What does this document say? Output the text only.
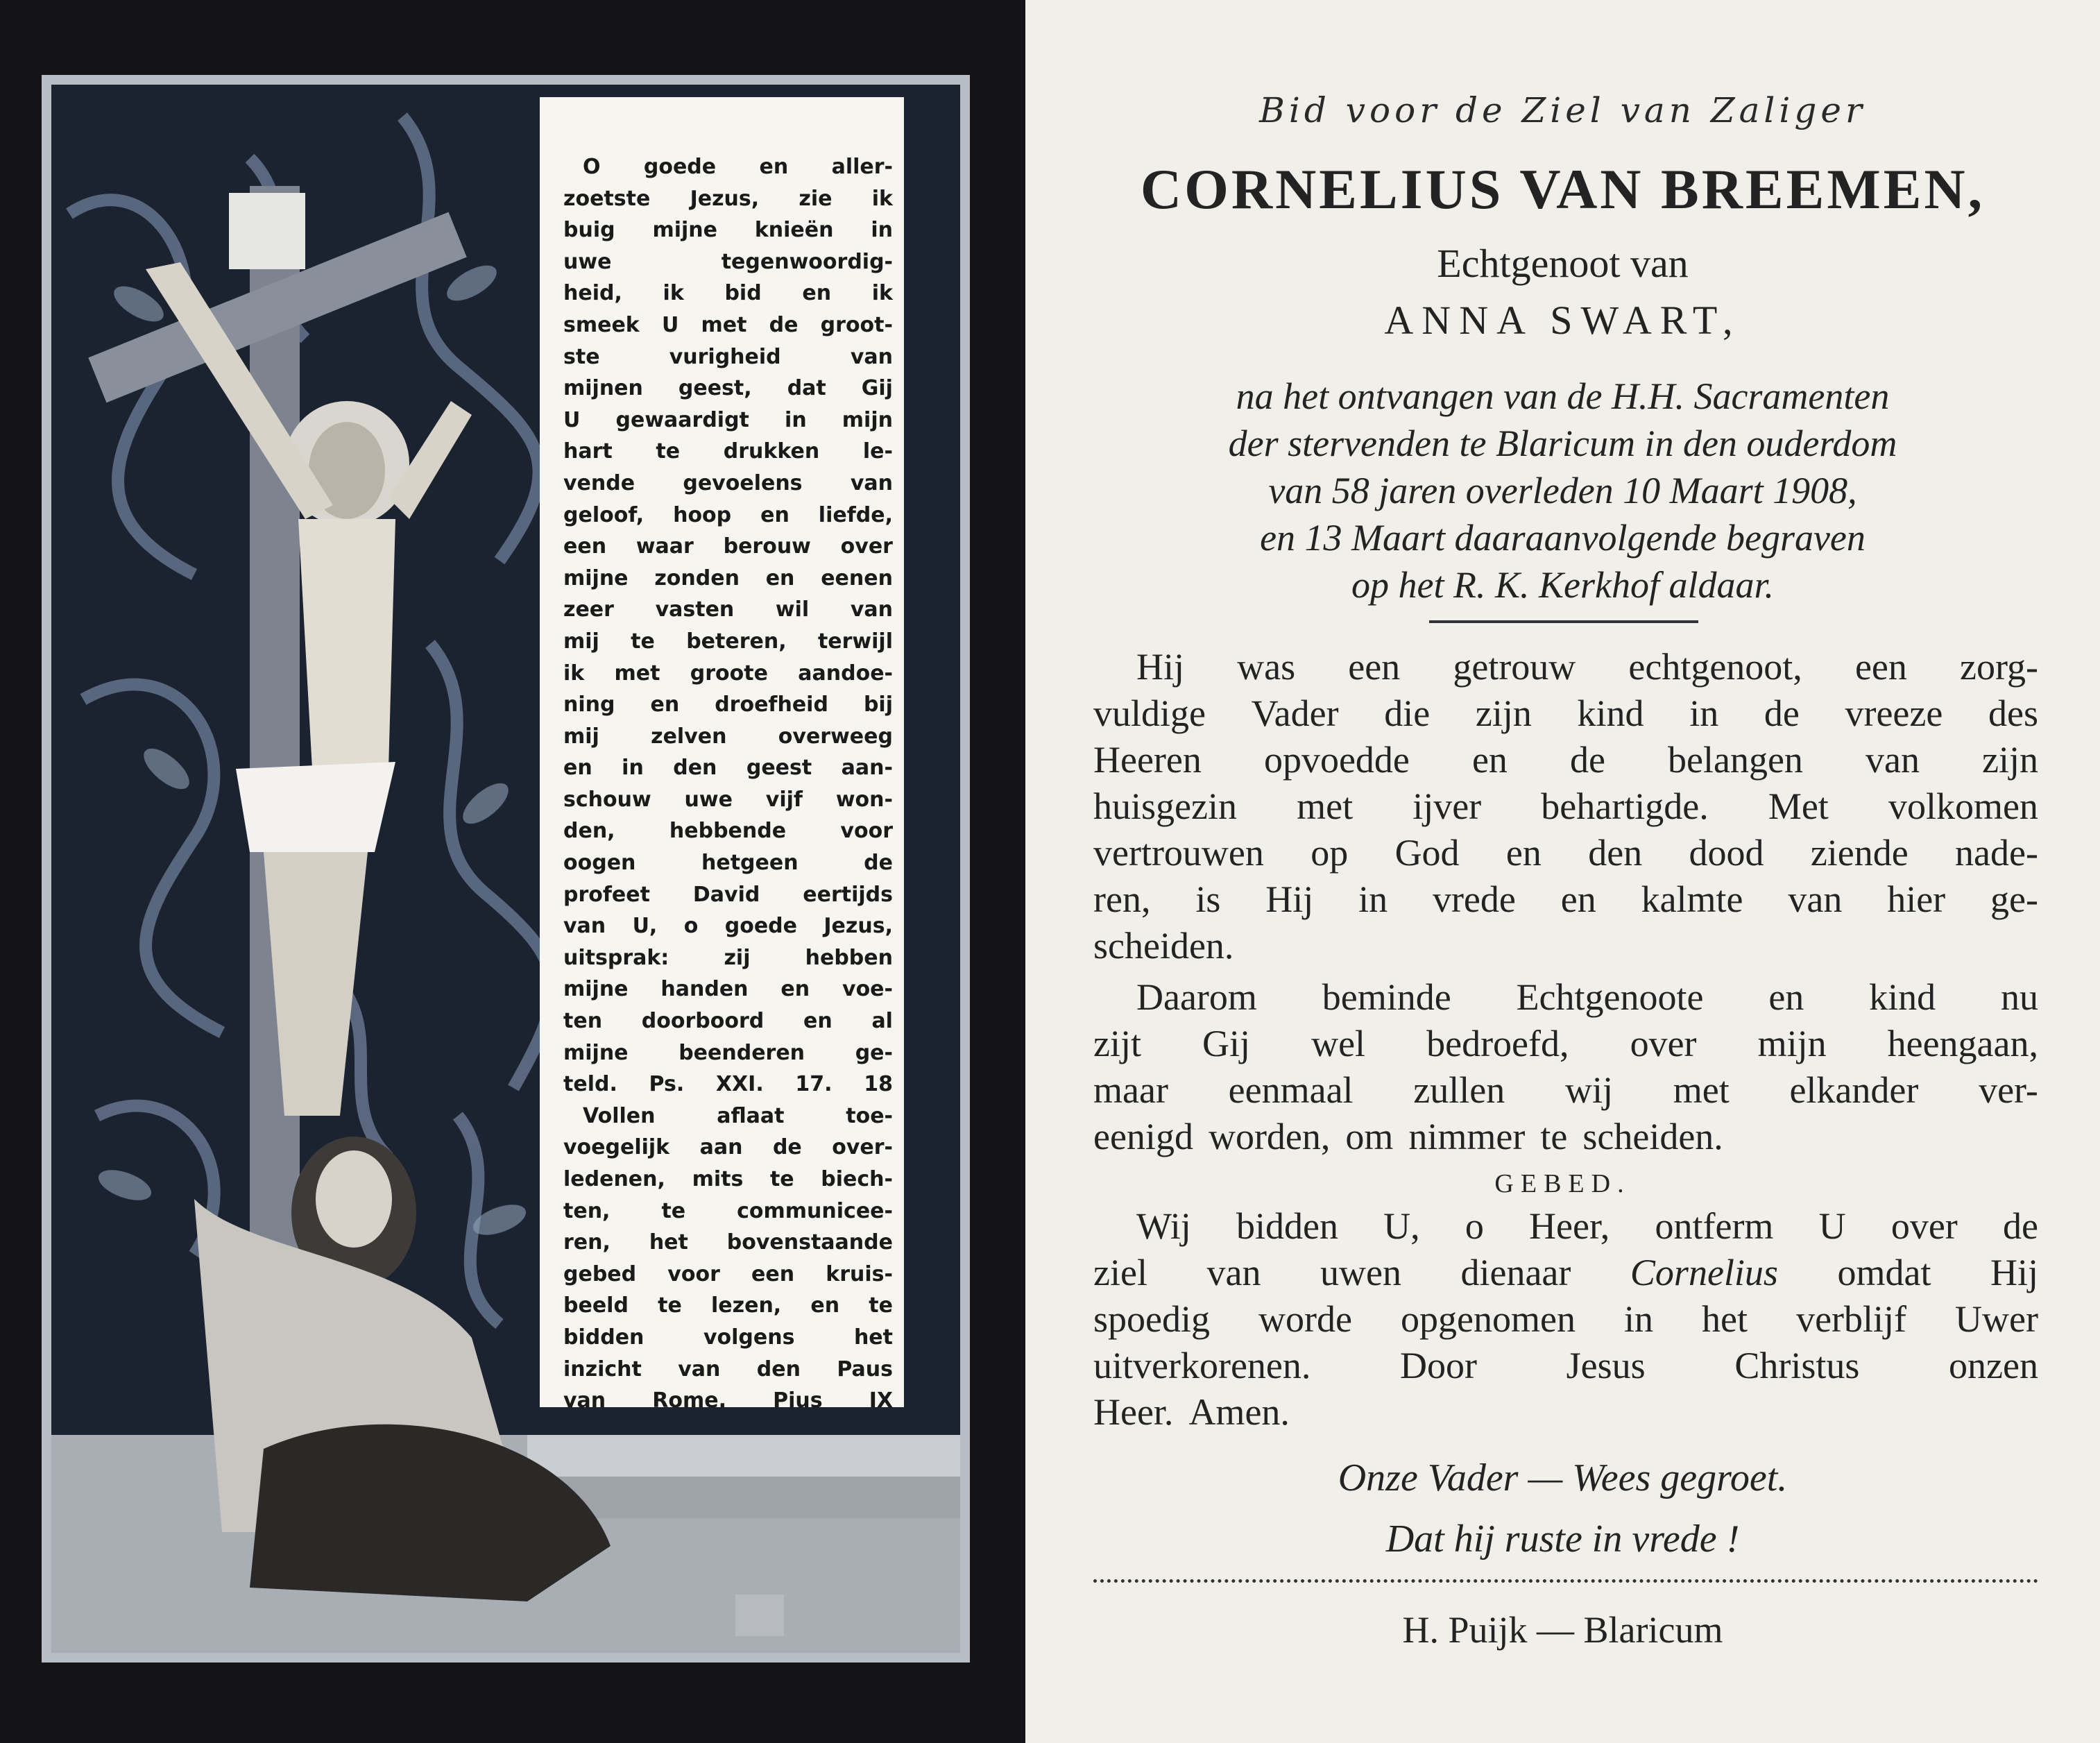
O goede en aller-
zoetste Jezus, zie ik
buig mijne knieën in
uwe	tegenwoordig-
heid, ik bid en ik
smeek U met de groot-
ste	vurigheid	van
mijnen geest, dat Gij
U gewaardigt in mijn
hart te drukken le-
vende gevoelens van
geloof, hoop en liefde,
een waar berouw over
mijne zonden en eenen
zeer vasten wil van
mij te beteren, terwijl
ik met groote aandoe-
ning en droefheid bij
mij zelven overweeg
en in den geest aan-
schouw uwe vijf won-
den,	hebbende	voor
oogen	hetgeen	de
profeet David eertijds
van U, o goede Jezus,
uitsprak:	zij	hebben
mijne handen en voe-
ten doorboord en al
mijne beenderen ge-
teld. Ps. XXI. 17. 18
Vollen	aflaat	toe-
voegelijk aan de over-
ledenen, mits te biech-
ten, te communicee-
ren, het bovenstaande
gebed voor een kruis-
beeld te lezen, en te
bidden	volgens	het
inzicht van den Paus
van Rome. Pius IX
Bid voor de Ziel van Zaliger
CORNELIUS VAN BREEMEN,
Echtgenoot van
ANNA SWART,
na het ontvangen van de H.H. Sacramenten
der stervenden te Blaricum in den ouderdom
van 58 jaren overleden 10 Maart 1908,
en 13 Maart daaraanvolgende begraven
op het R. K. Kerkhof aldaar.
Hij was een getrouw echtgenoot, een zorg-
vuldige Vader die zijn kind in de vreeze des
Heeren opvoedde en de belangen van zijn
huisgezin met ijver behartigde. Met volkomen
vertrouwen op God en den dood ziende nade-
ren, is Hij in vrede en kalmte van hier ge-
scheiden.
Daarom beminde Echtgenoote en kind nu
zijt Gij wel bedroefd, over mijn heengaan,
maar eenmaal zullen wij met elkander ver-
eenigd worden, om nimmer te scheiden.
GEBED.
Wij bidden U, o Heer, ontferm U over de
ziel van uwen dienaar Cornelius omdat Hij
spoedig worde opgenomen in het verblijf Uwer
uitverkorenen. Door Jesus Christus onzen
Heer. Amen.
Onze Vader — Wees gegroet.
Dat hij ruste in vrede !
H. Puijk — Blaricum
